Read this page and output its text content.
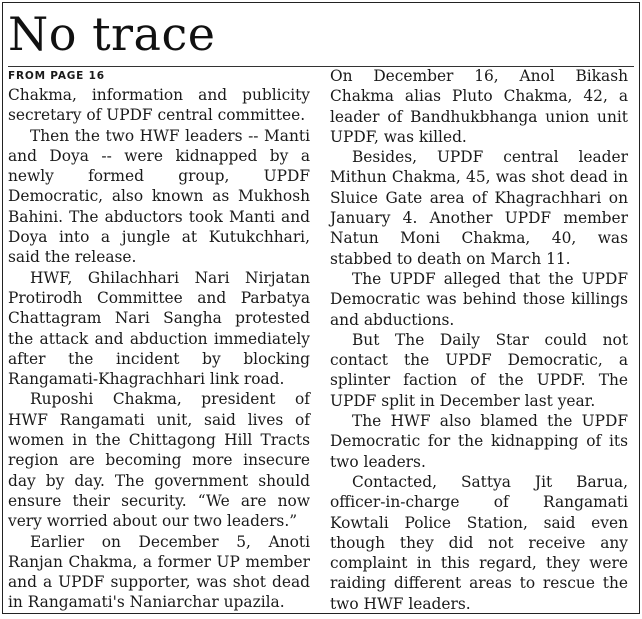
No trace
FROM PAGE 16

Chakma, information and publicity secretary of UPDF central committee.

Then the two HWF leaders -- Manti and Doya -- were kidnapped by a newly formed group, UPDF Democratic, also known as Mukhosh Bahini. The abductors took Manti and Doya into a jungle at Kutukchhari, said the release.

HWF, Ghilachhari Nari Nirjatan Protirodh Committee and Parbatya Chattagram Nari Sangha protested the attack and abduction immediately after the incident by blocking Rangamati-Khagrachhari link road.

Ruposhi Chakma, president of HWF Rangamati unit, said lives of women in the Chittagong Hill Tracts region are becoming more insecure day by day. The government should ensure their security. “We are now very worried about our two leaders.”

Earlier on December 5, Anoti Ranjan Chakma, a former UP member and a UPDF supporter, was shot dead in Rangamati's Naniarchar upazila.

On December 16, Anol Bikash Chakma alias Pluto Chakma, 42, a leader of Bandhukbhanga union unit UPDF, was killed.

Besides, UPDF central leader Mithun Chakma, 45, was shot dead in Sluice Gate area of Khagrachhari on January 4. Another UPDF member Natun Moni Chakma, 40, was stabbed to death on March 11.

The UPDF alleged that the UPDF Democratic was behind those killings and abductions.

But The Daily Star could not contact the UPDF Democratic, a splinter faction of the UPDF. The UPDF split in December last year.

The HWF also blamed the UPDF Democratic for the kidnapping of its two leaders.

Contacted, Sattya Jit Barua, officer-in-charge of Rangamati Kowtali Police Station, said even though they did not receive any complaint in this regard, they were raiding different areas to rescue the two HWF leaders.
